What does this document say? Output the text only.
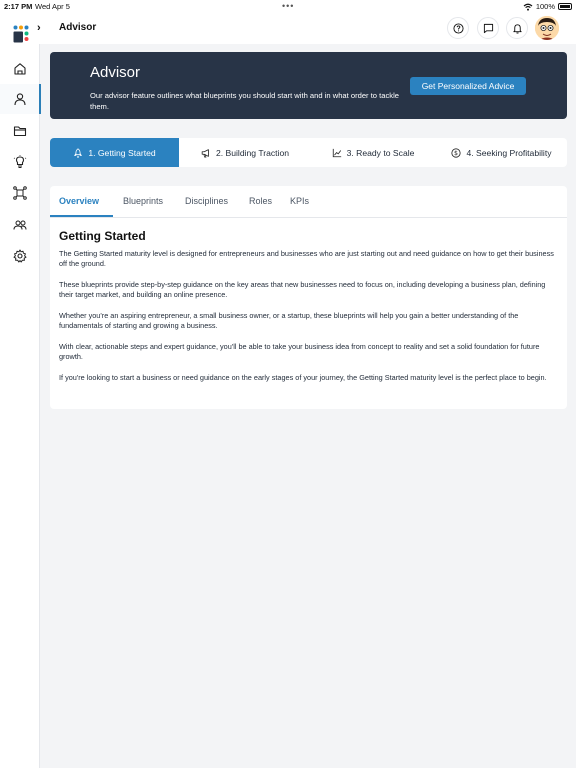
2:17 PM Wed Apr 5	•••	100%
› Advisor
Advisor
Our advisor feature outlines what blueprints you should start with and in what order to tackle them.
Get Personalized Advice
1. Getting Started	2. Building Traction	3. Ready to Scale	$ 4. Seeking Profitability
Overview	Blueprints Disciplines Roles KPIs
Getting Started

The Getting Started maturity level is designed for entrepreneurs and businesses who are just starting out and need guidance on how to get their business off the ground.

These blueprints provide step-by-step guidance on the key areas that new businesses need to focus on, including developing a business plan, defining their target market, and building an online presence.

Whether you're an aspiring entrepreneur, a small business owner, or a startup, these blueprints will help you gain a better understanding of the fundamentals of starting and growing a business.

With clear, actionable steps and expert guidance, you'll be able to take your business idea from concept to reality and set a solid foundation for future growth.

If you're looking to start a business or need guidance on the early stages of your journey, the Getting Started maturity level is the perfect place to begin.
